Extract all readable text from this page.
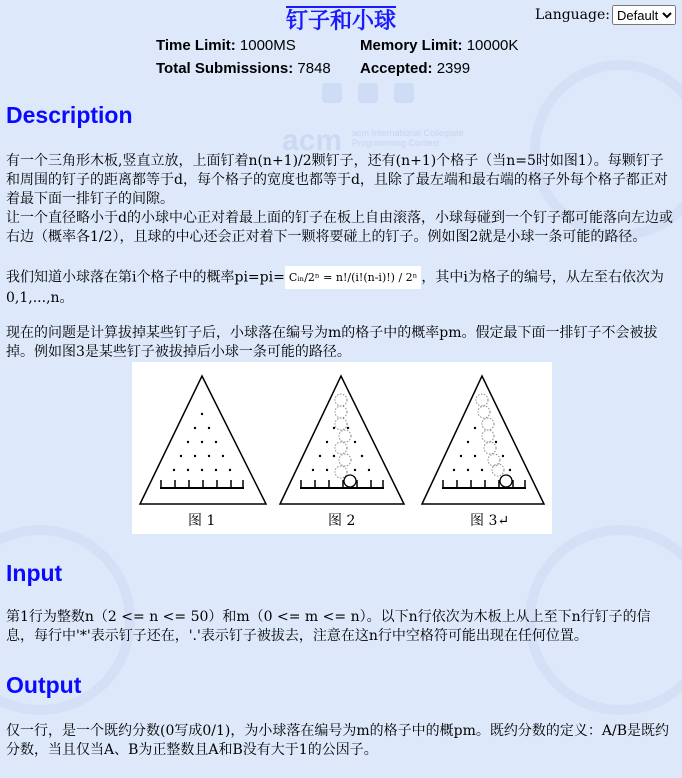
acm
Language:
Default
钉子和小球
Time Limit: 1000MS	Memory Limit: 10000K
Total Submissions: 7848	Accepted: 2399
acm International Collegiate Programming Contest
Description
有一个三角形木板,竖直立放，上面钉着n(n+1)/2颗钉子，还有(n+1)个格子（当n=5时如图1）。每颗钉子和周围的钉子的距离都等于d，每个格子的宽度也都等于d，且除了最左端和最右端的格子外每个格子都正对着最下面一排钉子的间隙。
让一个直径略小于d的小球中心正对着最上面的钉子在板上自由滚落，小球每碰到一个钉子都可能落向左边或右边（概率各1/2），且球的中心还会正对着下一颗将要碰上的钉子。例如图2就是小球一条可能的路径。
我们知道小球落在第i个格子中的概率pi=pi= Cᵢₙ/2ⁿ = n!/(i!(n-i)!) / 2ⁿ ，其中i为格子的编号，从左至右依次为0,1,...,n。
现在的问题是计算拔掉某些钉子后，小球落在编号为m的格子中的概率pm。假定最下面一排钉子不会被拔掉。例如图3是某些钉子被拔掉后小球一条可能的路径。
图 1	图 2	图 3↵
Input
第1行为整数n（2 <= n <= 50）和m（0 <= m <= n）。以下n行依次为木板上从上至下n行钉子的信息，每行中'*'表示钉子还在，'.'表示钉子被拔去，注意在这n行中空格符可能出现在任何位置。
Output
仅一行，是一个既约分数(0写成0/1)，为小球落在编号为m的格子中的概pm。既约分数的定义：A/B是既约分数，当且仅当A、B为正整数且A和B没有大于1的公因子。
